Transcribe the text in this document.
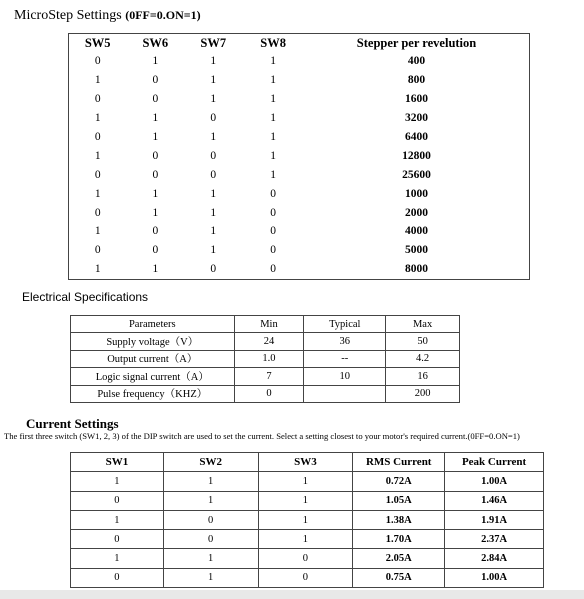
MicroStep Settings (0FF=0.ON=1)
SW5	SW6	SW7	SW8	Stepper per revelution
0	1	1	1	400
1	0	1	1	800
0	0	1	1	1600
1	1	0	1	3200
0	1	1	1	6400
1	0	0	1	12800
0	0	0	1	25600
1	1	1	0	1000
0	1	1	0	2000
1	0	1	0	4000
0	0	1	0	5000
1	1	0	0	8000
Electrical Specifications
Parameters	Min	Typical	Max
Supply voltage（V）	24	36	50
Output current（A）	1.0	--	4.2
Logic signal current（A）	7	10	16
Pulse frequency（KHZ）	0		200
Current Settings
The first three switch (SW1, 2, 3) of the DIP switch are used to set the current. Select a setting closest to your motor's required current.(0FF=0.ON=1)
SW1	SW2	SW3	RMS Current	Peak Current
1	1	1	0.72A	1.00A
0	1	1	1.05A	1.46A
1	0	1	1.38A	1.91A
0	0	1	1.70A	2.37A
1	1	0	2.05A	2.84A
0	1	0	0.75A	1.00A
